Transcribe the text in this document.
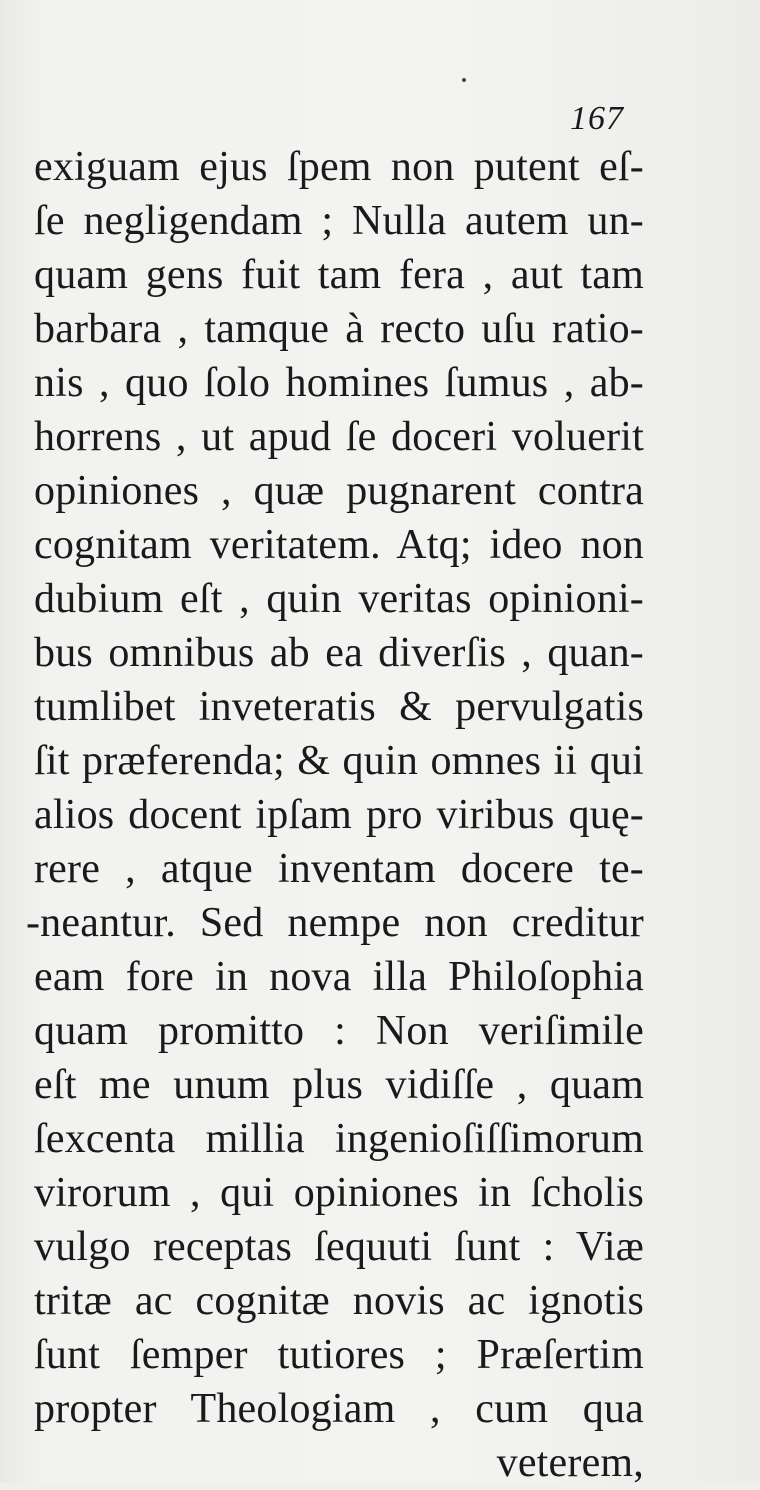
167
exiguam ejus ſpem non putent eſ-
ſe negligendam ; Nulla autem un-
quam gens fuit tam fera , aut tam
barbara , tamque à recto uſu ratio-
nis , quo ſolo homines ſumus , ab-
horrens , ut apud ſe doceri voluerit
opiniones , quæ pugnarent contra
cognitam veritatem. Atq; ideo non
dubium eſt , quin veritas opinioni-
bus omnibus ab ea diverſis , quan-
tumlibet inveteratis & pervulgatis
ſit præferenda; & quin omnes ii qui
alios docent ipſam pro viribus quę-
rere , atque inventam docere te-
-neantur. Sed nempe non creditur
eam fore in nova illa Philoſophia
quam promitto : Non veriſimile
eſt me unum plus vidiſſe , quam
ſexcenta millia ingenioſiſſimorum
virorum , qui opiniones in ſcholis
vulgo receptas ſequuti ſunt : Viæ
tritæ ac cognitæ novis ac ignotis
ſunt ſemper tutiores ; Præſertim
propter Theologiam , cum qua
veterem,
